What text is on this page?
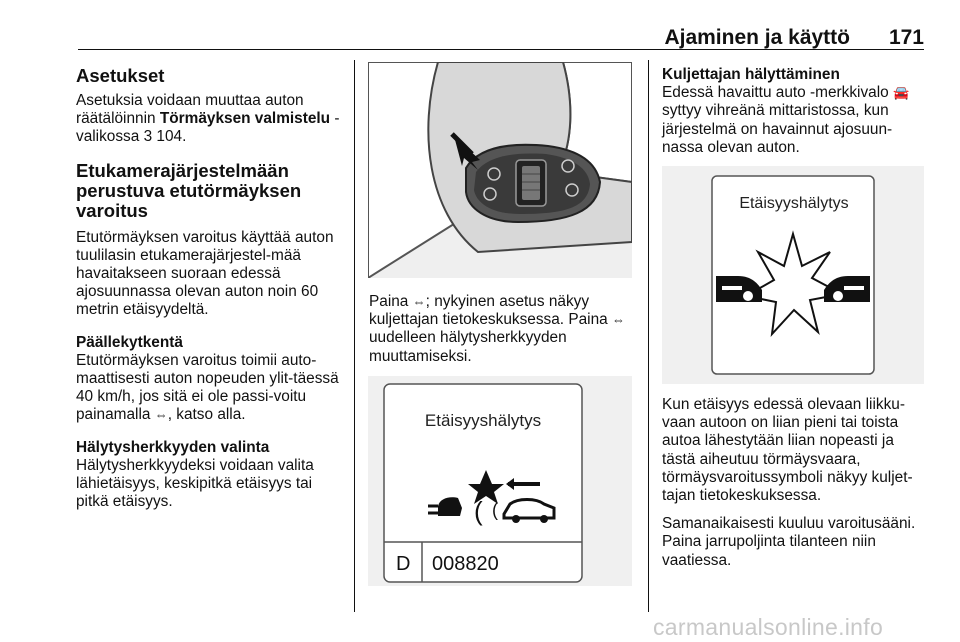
Ajaminen ja käyttö 171
Asetukset

Asetuksia voidaan muuttaa auton räätälöinnin Törmäyksen valmistelu -valikossa 3 104.

Etukamerajärjestelmään perustuva etutörmäyksen varoitus

Etutörmäyksen varoitus käyttää auton tuulilasin etukamerajärjestel-mää havaitakseen suoraan edessä ajosuunnassa olevan auton noin 60 metrin etäisyydeltä.

Päällekytkentä

Etutörmäyksen varoitus toimii auto-maattisesti auton nopeuden ylit-täessä 40 km/h, jos sitä ei ole passi-voitu painamalla ⇔, katso alla.

Hälytysherkkyyden valinta

Hälytysherkkyydeksi voidaan valita lähietäisyys, keskipitkä etäisyys tai pitkä etäisyys.

Paina ⇔; nykyinen asetus näkyy kuljettajan tietokeskuksessa. Paina ⇔ uudelleen hälytysherkkyyden muuttamiseksi.

Etäisyyshälytys
( (
D 008820
Kuljettajan hälyttäminen

Edessä havaittu auto -merkkivalo 🚘 syttyy vihreänä mittaristossa, kun järjestelmä on havainnut ajosuun-nassa olevan auton.

Etäisyyshälytys

Kun etäisyys edessä olevaan liikku-vaan autoon on liian pieni tai toista autoa lähestytään liian nopeasti ja tästä aiheutuu törmäysvaara, törmäysvaroitussymboli näkyy kuljet-tajan tietokeskuksessa.

Samanaikaisesti kuuluu varoitusääni. Paina jarrupoljinta tilanteen niin vaatiessa.

carmanualsonline.info
